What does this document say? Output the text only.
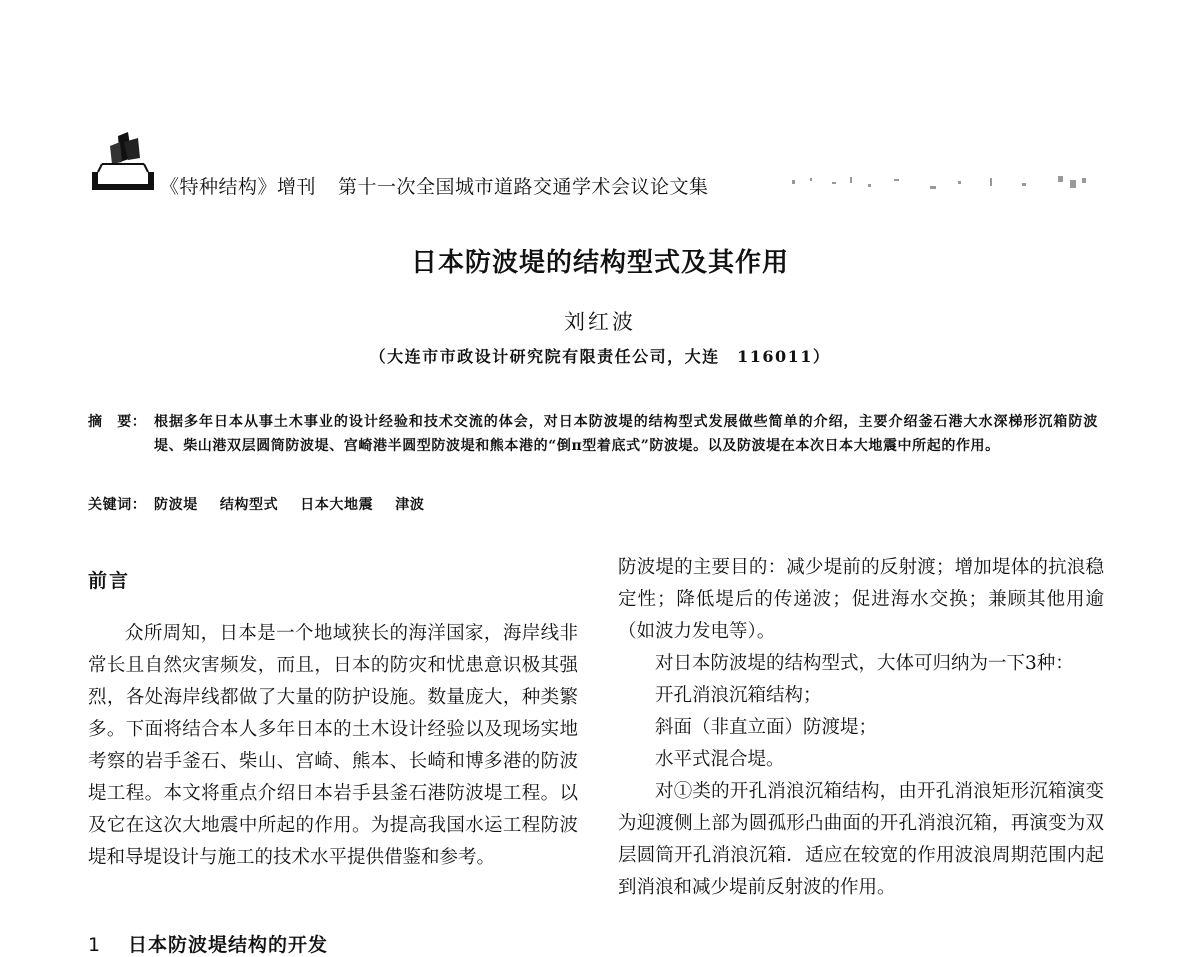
《特种结构》增刊 第十一次全国城市道路交通学术会议论文集
日本防波堤的结构型式及其作用
刘红波
（大连市市政设计研究院有限责任公司，大连　116011）
摘　要： 根据多年日本从事土木事业的设计经验和技术交流的体会，对日本防波堤的结构型式发展做些简单的介绍，主要介绍釜石港大水深梯形沉箱防波堤、柴山港双层圆筒防波堤、宫崎港半圆型防波堤和熊本港的“倒π型着底式”防波堤。以及防波堤在本次日本大地震中所起的作用。
关键词： 防波堤 结构型式 日本大地震 津波
前言

众所周知，日本是一个地域狭长的海洋国家，海岸线非常长且自然灾害频发，而且，日本的防灾和忧患意识极其强烈，各处海岸线都做了大量的防护设施。数量庞大，种类繁多。下面将结合本人多年日本的土木设计经验以及现场实地考察的岩手釜石、柴山、宫崎、熊本、长崎和博多港的防波堤工程。本文将重点介绍日本岩手县釜石港防波堤工程。以及它在这次大地震中所起的作用。为提高我国水运工程防波堤和导堤设计与施工的技术水平提供借鉴和参考。

1 日本防波堤结构的开发

防波堤的主要目的：减少堤前的反射渡；增加堤体的抗浪稳定性；降低堤后的传递波；促进海水交换；兼顾其他用逾（如波力发电等）。

对日本防波堤的结构型式，大体可归纳为一下3种：

开孔消浪沉箱结构；

斜面（非直立面）防渡堤；

水平式混合堤。

对①类的开孔消浪沉箱结构，由开孔消浪矩形沉箱演变为迎渡侧上部为圆孤形凸曲面的开孔消浪沉箱，再演变为双层圆筒开孔消浪沉箱．适应在较宽的作用波浪周期范围内起到消浪和减少堤前反射波的作用。
